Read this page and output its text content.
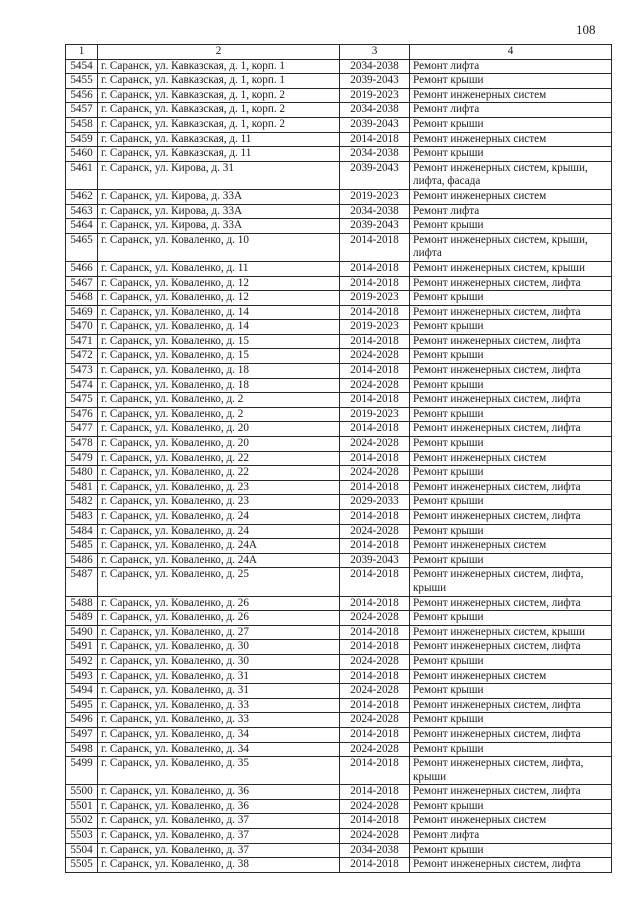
108
1	2	3	4
5454	г. Саранск, ул. Кавказская, д. 1, корп. 1	2034-2038	Ремонт лифта
5455	г. Саранск, ул. Кавказская, д. 1, корп. 1	2039-2043	Ремонт крыши
5456	г. Саранск, ул. Кавказская, д. 1, корп. 2	2019-2023	Ремонт инженерных систем
5457	г. Саранск, ул. Кавказская, д. 1, корп. 2	2034-2038	Ремонт лифта
5458	г. Саранск, ул. Кавказская, д. 1, корп. 2	2039-2043	Ремонт крыши
5459	г. Саранск, ул. Кавказская, д. 11	2014-2018	Ремонт инженерных систем
5460	г. Саранск, ул. Кавказская, д. 11	2034-2038	Ремонт крыши
5461	г. Саранск, ул. Кирова, д. 31	2039-2043	Ремонт инженерных систем, крыши, лифта, фасада
5462	г. Саранск, ул. Кирова, д. 33А	2019-2023	Ремонт инженерных систем
5463	г. Саранск, ул. Кирова, д. 33А	2034-2038	Ремонт лифта
5464	г. Саранск, ул. Кирова, д. 33А	2039-2043	Ремонт крыши
5465	г. Саранск, ул. Коваленко, д. 10	2014-2018	Ремонт инженерных систем, крыши, лифта
5466	г. Саранск, ул. Коваленко, д. 11	2014-2018	Ремонт инженерных систем, крыши
5467	г. Саранск, ул. Коваленко, д. 12	2014-2018	Ремонт инженерных систем, лифта
5468	г. Саранск, ул. Коваленко, д. 12	2019-2023	Ремонт крыши
5469	г. Саранск, ул. Коваленко, д. 14	2014-2018	Ремонт инженерных систем, лифта
5470	г. Саранск, ул. Коваленко, д. 14	2019-2023	Ремонт крыши
5471	г. Саранск, ул. Коваленко, д. 15	2014-2018	Ремонт инженерных систем, лифта
5472	г. Саранск, ул. Коваленко, д. 15	2024-2028	Ремонт крыши
5473	г. Саранск, ул. Коваленко, д. 18	2014-2018	Ремонт инженерных систем, лифта
5474	г. Саранск, ул. Коваленко, д. 18	2024-2028	Ремонт крыши
5475	г. Саранск, ул. Коваленко, д. 2	2014-2018	Ремонт инженерных систем, лифта
5476	г. Саранск, ул. Коваленко, д. 2	2019-2023	Ремонт крыши
5477	г. Саранск, ул. Коваленко, д. 20	2014-2018	Ремонт инженерных систем, лифта
5478	г. Саранск, ул. Коваленко, д. 20	2024-2028	Ремонт крыши
5479	г. Саранск, ул. Коваленко, д. 22	2014-2018	Ремонт инженерных систем
5480	г. Саранск, ул. Коваленко, д. 22	2024-2028	Ремонт крыши
5481	г. Саранск, ул. Коваленко, д. 23	2014-2018	Ремонт инженерных систем, лифта
5482	г. Саранск, ул. Коваленко, д. 23	2029-2033	Ремонт крыши
5483	г. Саранск, ул. Коваленко, д. 24	2014-2018	Ремонт инженерных систем, лифта
5484	г. Саранск, ул. Коваленко, д. 24	2024-2028	Ремонт крыши
5485	г. Саранск, ул. Коваленко, д. 24А	2014-2018	Ремонт инженерных систем
5486	г. Саранск, ул. Коваленко, д. 24А	2039-2043	Ремонт крыши
5487	г. Саранск, ул. Коваленко, д. 25	2014-2018	Ремонт инженерных систем, лифта, крыши
5488	г. Саранск, ул. Коваленко, д. 26	2014-2018	Ремонт инженерных систем, лифта
5489	г. Саранск, ул. Коваленко, д. 26	2024-2028	Ремонт крыши
5490	г. Саранск, ул. Коваленко, д. 27	2014-2018	Ремонт инженерных систем, крыши
5491	г. Саранск, ул. Коваленко, д. 30	2014-2018	Ремонт инженерных систем, лифта
5492	г. Саранск, ул. Коваленко, д. 30	2024-2028	Ремонт крыши
5493	г. Саранск, ул. Коваленко, д. 31	2014-2018	Ремонт инженерных систем
5494	г. Саранск, ул. Коваленко, д. 31	2024-2028	Ремонт крыши
5495	г. Саранск, ул. Коваленко, д. 33	2014-2018	Ремонт инженерных систем, лифта
5496	г. Саранск, ул. Коваленко, д. 33	2024-2028	Ремонт крыши
5497	г. Саранск, ул. Коваленко, д. 34	2014-2018	Ремонт инженерных систем, лифта
5498	г. Саранск, ул. Коваленко, д. 34	2024-2028	Ремонт крыши
5499	г. Саранск, ул. Коваленко, д. 35	2014-2018	Ремонт инженерных систем, лифта, крыши
5500	г. Саранск, ул. Коваленко, д. 36	2014-2018	Ремонт инженерных систем, лифта
5501	г. Саранск, ул. Коваленко, д. 36	2024-2028	Ремонт крыши
5502	г. Саранск, ул. Коваленко, д. 37	2014-2018	Ремонт инженерных систем
5503	г. Саранск, ул. Коваленко, д. 37	2024-2028	Ремонт лифта
5504	г. Саранск, ул. Коваленко, д. 37	2034-2038	Ремонт крыши
5505	г. Саранск, ул. Коваленко, д. 38	2014-2018	Ремонт инженерных систем, лифта
